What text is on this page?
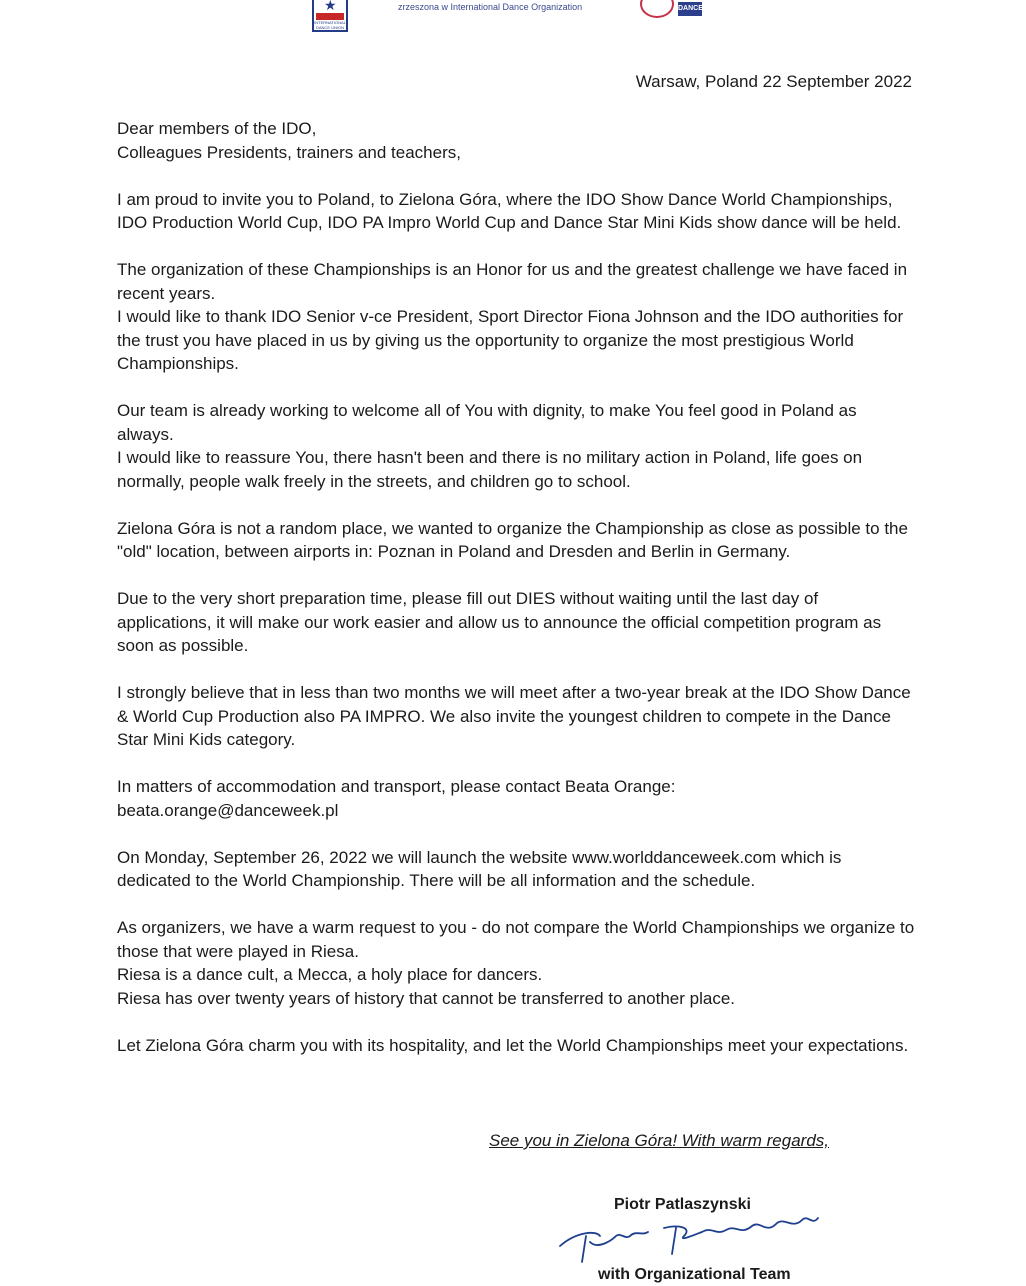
★
INTERNATIONAL DANCE UNION
zrzeszona w International Dance Organization	DANCE
Warsaw, Poland 22 September 2022

Dear members of the IDO,
Colleagues Presidents, trainers and teachers,

I am proud to invite you to Poland, to Zielona Góra, where the IDO Show Dance World Championships, IDO Production World Cup, IDO PA Impro World Cup and Dance Star Mini Kids show dance will be held.

The organization of these Championships is an Honor for us and the greatest challenge we have faced in recent years.
I would like to thank IDO Senior v-ce President, Sport Director Fiona Johnson and the IDO authorities for the trust you have placed in us by giving us the opportunity to organize the most prestigious World Championships.

Our team is already working to welcome all of You with dignity, to make You feel good in Poland as always.
I would like to reassure You, there hasn't been and there is no military action in Poland, life goes on normally, people walk freely in the streets, and children go to school.

Zielona Góra is not a random place, we wanted to organize the Championship as close as possible to the "old" location, between airports in: Poznan in Poland and Dresden and Berlin in Germany.

Due to the very short preparation time, please fill out DIES without waiting until the last day of applications, it will make our work easier and allow us to announce the official competition program as soon as possible.

I strongly believe that in less than two months we will meet after a two-year break at the IDO Show Dance & World Cup Production also PA IMPRO. We also invite the youngest children to compete in the Dance Star Mini Kids category.

In matters of accommodation and transport, please contact Beata Orange:
beata.orange@danceweek.pl

On Monday, September 26, 2022 we will launch the website www.worlddanceweek.com which is dedicated to the World Championship. There will be all information and the schedule.

As organizers, we have a warm request to you - do not compare the World Championships we organize to those that were played in Riesa.
Riesa is a dance cult, a Mecca, a holy place for dancers.
Riesa has over twenty years of history that cannot be transferred to another place.

Let Zielona Góra charm you with its hospitality, and let the World Championships meet your expectations.

See you in Zielona Góra! With warm regards,
Piotr Patlaszynski
with Organizational Team
